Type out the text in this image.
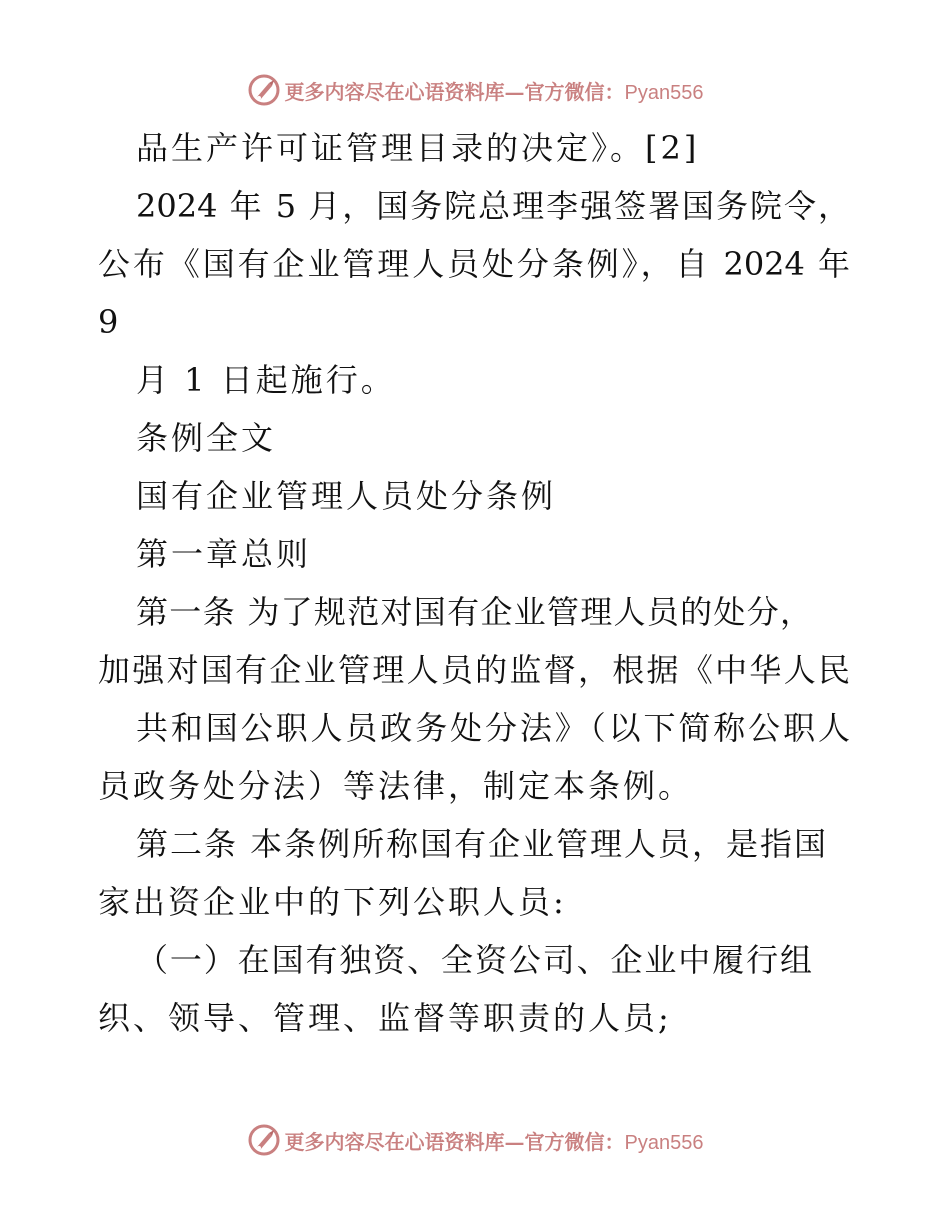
更多内容尽在心语资料库—官方微信：Pyan556
品生产许可证管理目录的决定》。[2]
2024 年 5 月，国务院总理李强签署国务院令，
公布《国有企业管理人员处分条例》，自 2024 年
9
月 1 日起施行。
条例全文
国有企业管理人员处分条例
第一章总则
第一条 为了规范对国有企业管理人员的处分，
加强对国有企业管理人员的监督，根据《中华人民
共和国公职人员政务处分法》（以下简称公职人
员政务处分法）等法律，制定本条例。
第二条 本条例所称国有企业管理人员，是指国
家出资企业中的下列公职人员:
（一）在国有独资、全资公司、企业中履行组
织、领导、管理、监督等职责的人员;
更多内容尽在心语资料库—官方微信：Pyan556
